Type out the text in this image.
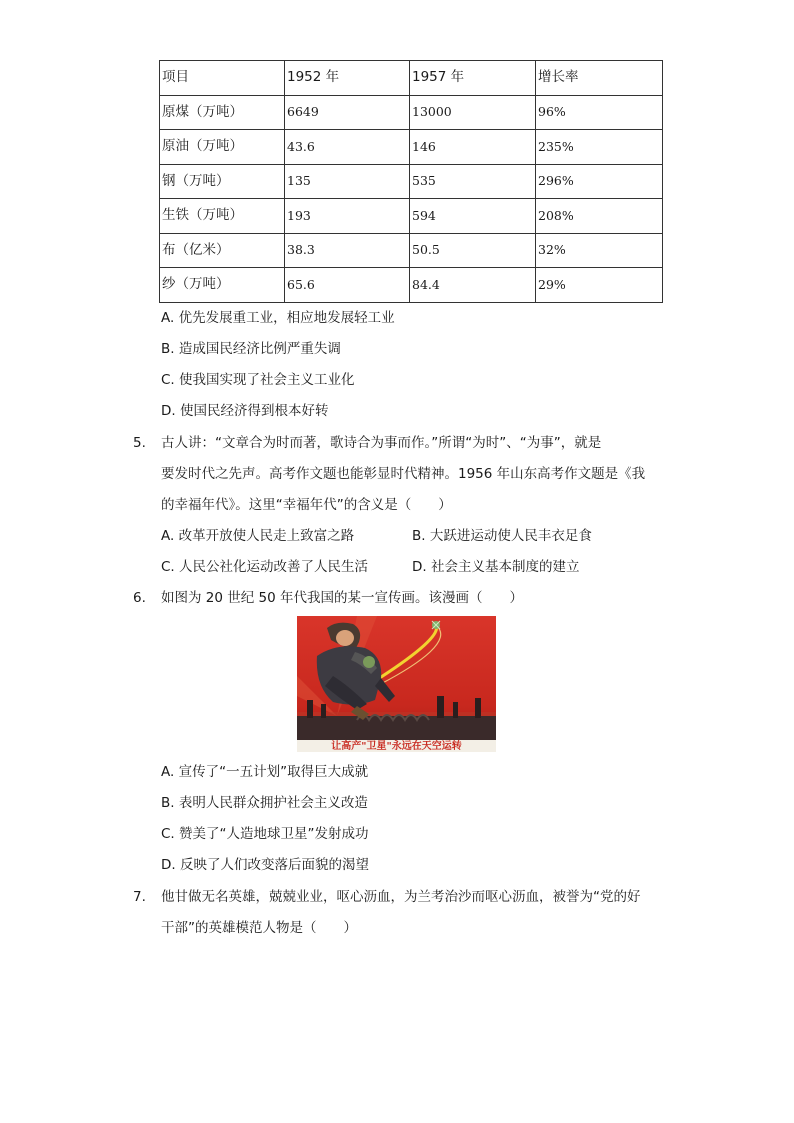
项目	1952 年	1957 年	增长率
原煤（万吨）	6649	13000	96%
原油（万吨）	43.6	146	235%
钢（万吨）	135	535	296%
生铁（万吨）	193	594	208%
布（亿米）	38.3	50.5	32%
纱（万吨）	65.6	84.4	29%
A. 优先发展重工业，相应地发展轻工业
B. 造成国民经济比例严重失调
C. 使我国实现了社会主义工业化
D. 使国民经济得到根本好转
5. 古人讲：“文章合为时而著，歌诗合为事而作。”所谓“为时”、“为事”，就是
要发时代之先声。高考作文题也能彰显时代精神。1956 年山东高考作文题是《我
的幸福年代》。这里“幸福年代”的含义是（　　）
A. 改革开放使人民走上致富之路	B. 大跃进运动使人民丰衣足食
C. 人民公社化运动改善了人民生活	D. 社会主义基本制度的建立
6. 如图为 20 世纪 50 年代我国的某一宣传画。该漫画（　　）
让高产"卫星"永远在天空运转
A. 宣传了“一五计划”取得巨大成就
B. 表明人民群众拥护社会主义改造
C. 赞美了“人造地球卫星”发射成功
D. 反映了人们改变落后面貌的渴望
7. 他甘做无名英雄，兢兢业业，呕心沥血，为兰考治沙而呕心沥血，被誉为“党的好
干部”的英雄模范人物是（　　）
